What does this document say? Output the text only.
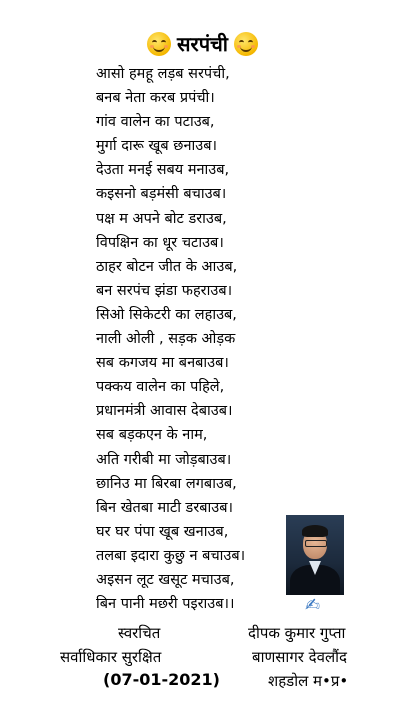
सरपंची
आसो हमहू लड़ब सरपंची,
बनब नेता करब प्रपंची।
गांव वालेन का पटाउब,
मुर्गा दारू खूब छनाउब।
देउता मनई सबय मनाउब,
कइसनो बड़मंसी बचाउब।
पक्ष म अपने बोट डराउब,
विपक्षिन का धूर चटाउब।
ठाहर बोटन जीत के आउब,
बन सरपंच झंडा फहराउब।
सिओ सिकेटरी का लहाउब,
नाली ओली , सड़क ओड़क
सब कगजय मा बनबाउब।
पक्कय वालेन का पहिले,
प्रधानमंत्री आवास देबाउब।
सब बड़कएन के नाम,
अति गरीबी मा जोड़बाउब।
छानिउ मा बिरबा लगबाउब,
बिन खेतबा माटी डरबाउब।
घर घर पंपा खूब खनाउब,
तलबा इदारा कुछु न बचाउब।
अइसन लूट खसूट मचाउब,
बिन पानी मछरी पइराउब।।	✍
स्वरचित	दीपक कुमार गुप्ता
सर्वाधिकार सुरक्षित	बाणसागर देवलौंद
(07-01-2021)	शहडोल म•प्र•
